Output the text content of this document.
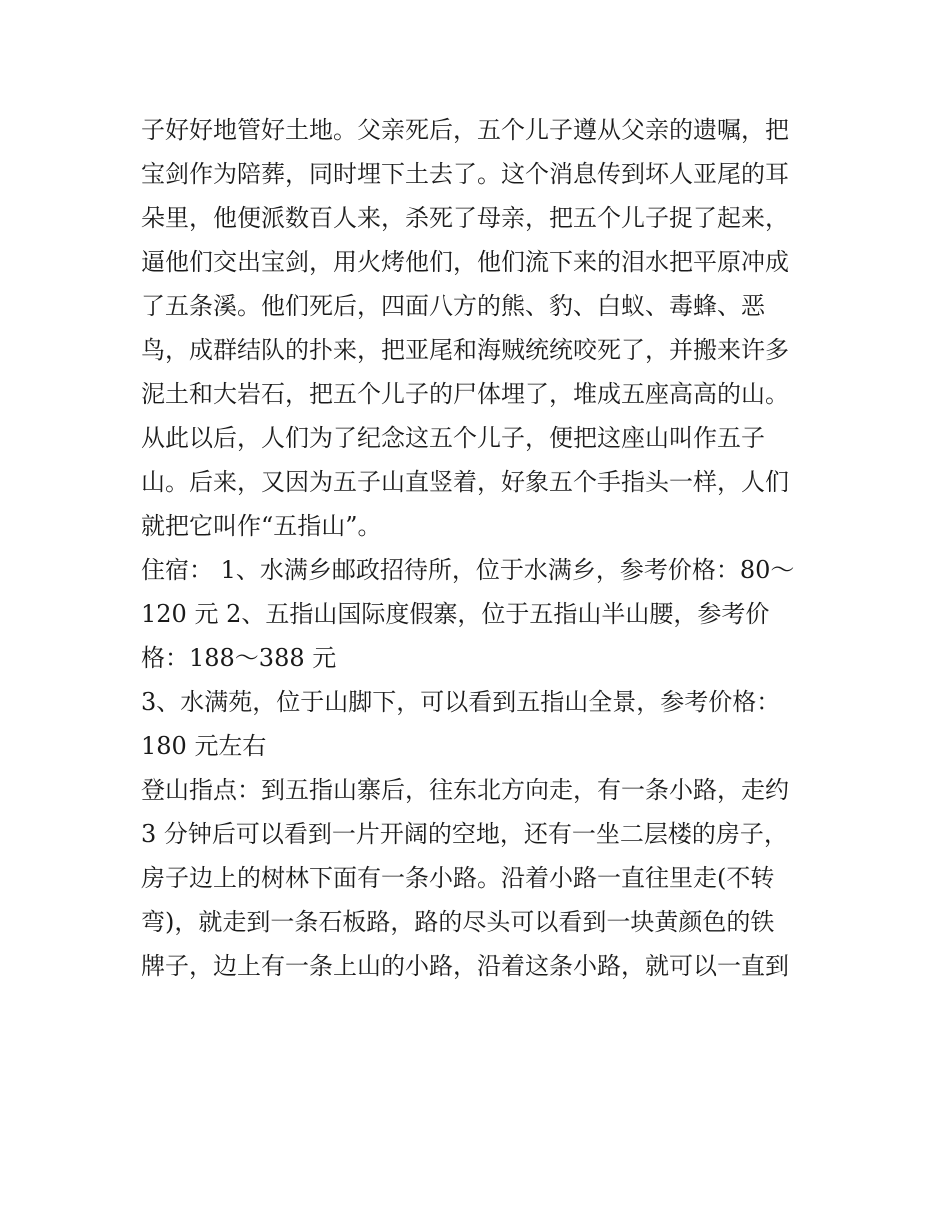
子好好地管好土地。父亲死后，五个儿子遵从父亲的遗嘱，把

宝剑作为陪葬，同时埋下土去了。这个消息传到坏人亚尾的耳

朵里，他便派数百人来，杀死了母亲，把五个儿子捉了起来，

逼他们交出宝剑，用火烤他们，他们流下来的泪水把平原冲成

了五条溪。他们死后，四面八方的熊、豹、白蚁、毒蜂、恶

鸟，成群结队的扑来，把亚尾和海贼统统咬死了，并搬来许多

泥土和大岩石，把五个儿子的尸体埋了，堆成五座高高的山。

从此以后，人们为了纪念这五个儿子，便把这座山叫作五子

山。后来，又因为五子山直竖着，好象五个手指头一样，人们

就把它叫作“五指山”。

住宿： 1、水满乡邮政招待所，位于水满乡，参考价格：80～

120 元 2、五指山国际度假寨，位于五指山半山腰，参考价

格：188～388 元

3、水满苑，位于山脚下，可以看到五指山全景，参考价格：

180 元左右

登山指点：到五指山寨后，往东北方向走，有一条小路，走约

3 分钟后可以看到一片开阔的空地，还有一坐二层楼的房子，

房子边上的树林下面有一条小路。沿着小路一直往里走(不转

弯)，就走到一条石板路，路的尽头可以看到一块黄颜色的铁

牌子，边上有一条上山的小路，沿着这条小路，就可以一直到
